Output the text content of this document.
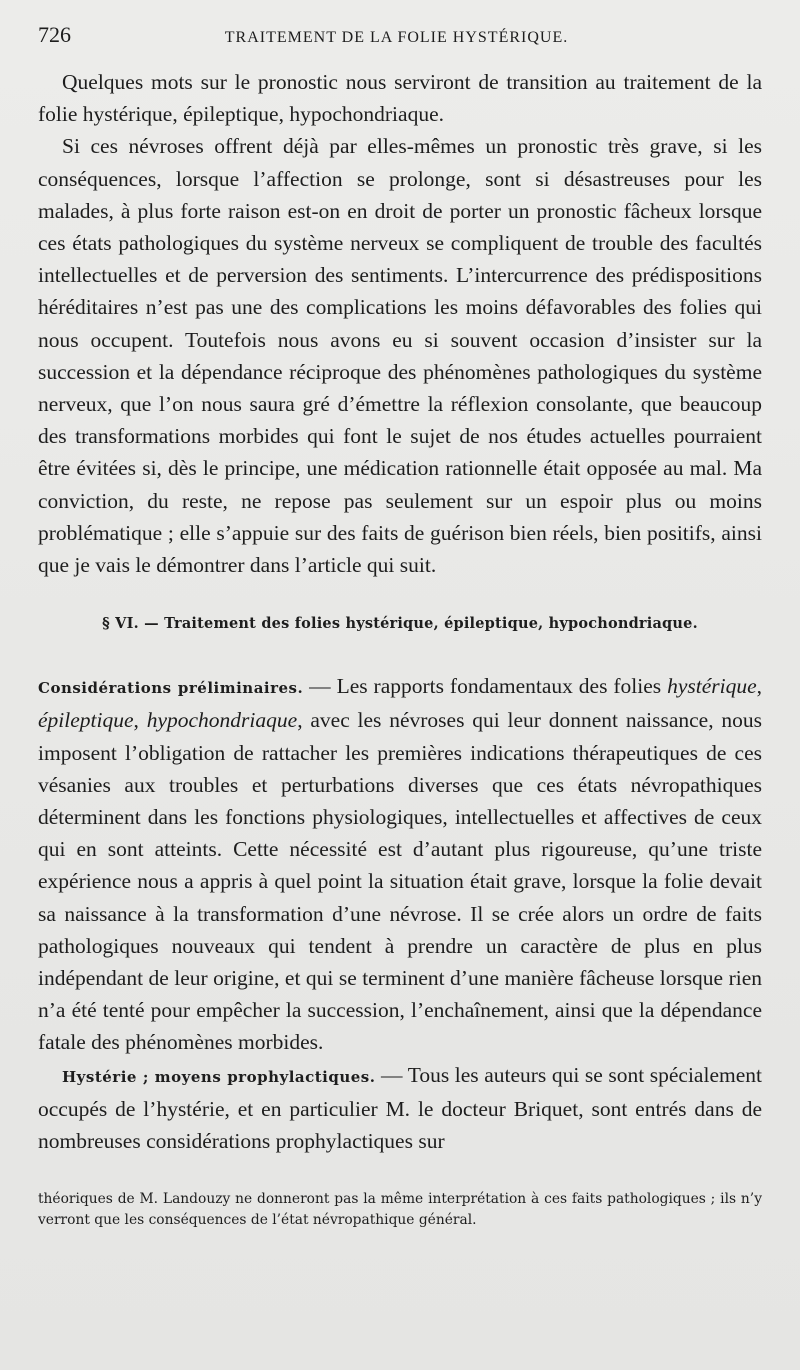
726	TRAITEMENT DE LA FOLIE HYSTÉRIQUE.

Quelques mots sur le pronostic nous serviront de transition au traitement de la folie hystérique, épileptique, hypochondriaque.

Si ces névroses offrent déjà par elles-mêmes un pronostic très grave, si les conséquences, lorsque l’affection se prolonge, sont si désastreuses pour les malades, à plus forte raison est-on en droit de porter un pronostic fâcheux lorsque ces états pathologiques du système nerveux se compliquent de trouble des facultés intellectuelles et de perversion des sentiments. L’intercurrence des prédispositions héréditaires n’est pas une des complications les moins défavorables des folies qui nous occupent. Toutefois nous avons eu si souvent occasion d’insister sur la succession et la dépendance réciproque des phénomènes pathologiques du système nerveux, que l’on nous saura gré d’émettre la réflexion consolante, que beaucoup des transformations morbides qui font le sujet de nos études actuelles pourraient être évitées si, dès le principe, une médication rationnelle était opposée au mal. Ma conviction, du reste, ne repose pas seulement sur un espoir plus ou moins problématique ; elle s’appuie sur des faits de guérison bien réels, bien positifs, ainsi que je vais le démontrer dans l’article qui suit.

§ VI. — Traitement des folies hystérique, épileptique, hypochondriaque.

Considérations préliminaires. — Les rapports fondamentaux des folies hystérique, épileptique, hypochondriaque, avec les névroses qui leur donnent naissance, nous imposent l’obligation de rattacher les premières indications thérapeutiques de ces vésanies aux troubles et perturbations diverses que ces états névropathiques déterminent dans les fonctions physiologiques, intellectuelles et affectives de ceux qui en sont atteints. Cette nécessité est d’autant plus rigoureuse, qu’une triste expérience nous a appris à quel point la situation était grave, lorsque la folie devait sa naissance à la transformation d’une névrose. Il se crée alors un ordre de faits pathologiques nouveaux qui tendent à prendre un caractère de plus en plus indépendant de leur origine, et qui se terminent d’une manière fâcheuse lorsque rien n’a été tenté pour empêcher la succession, l’enchaînement, ainsi que la dépendance fatale des phénomènes morbides.

Hystérie ; moyens prophylactiques. — Tous les auteurs qui se sont spécialement occupés de l’hystérie, et en particulier M. le docteur Briquet, sont entrés dans de nombreuses considérations prophylactiques sur

théoriques de M. Landouzy ne donneront pas la même interprétation à ces faits pathologiques ; ils n’y verront que les conséquences de l’état névropathique général.
